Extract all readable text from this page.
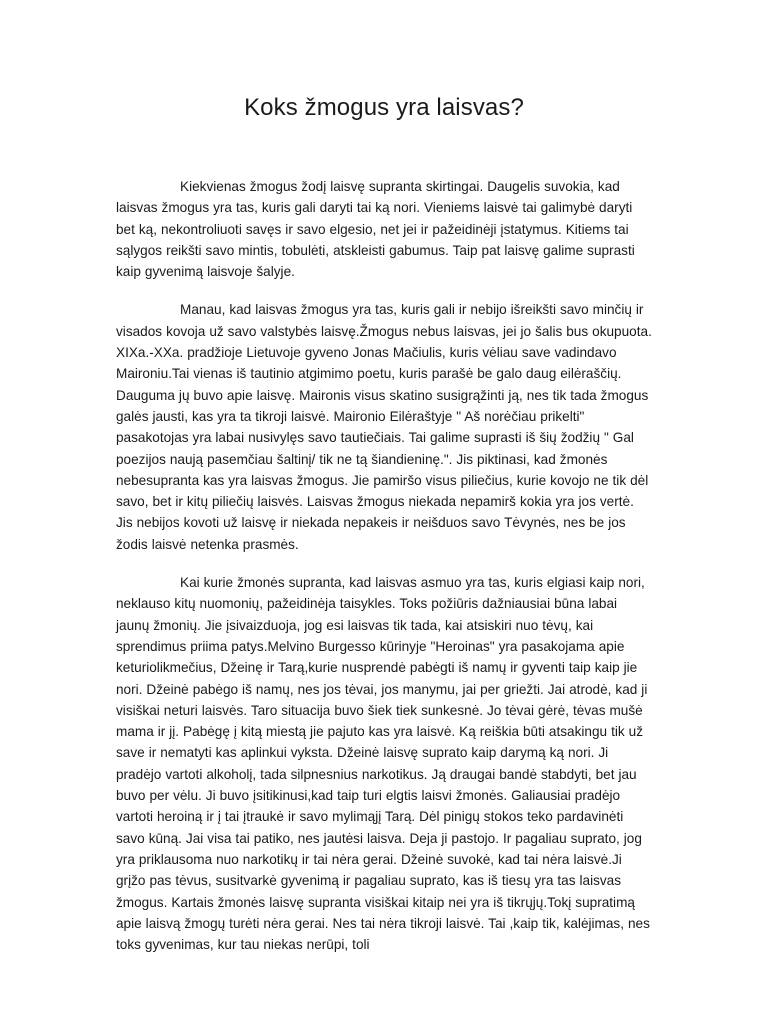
Koks žmogus yra laisvas?

Kiekvienas žmogus žodį laisvę supranta skirtingai. Daugelis suvokia, kad laisvas žmogus yra tas, kuris gali daryti tai ką nori. Vieniems laisvė tai galimybė daryti bet ką, nekontroliuoti savęs ir savo elgesio, net jei ir pažeidinėji įstatymus. Kitiems tai sąlygos reikšti savo mintis, tobulėti, atskleisti gabumus. Taip pat laisvę galime suprasti kaip gyvenimą laisvoje šalyje.

Manau, kad laisvas žmogus yra tas, kuris gali ir nebijo išreikšti savo minčių ir visados kovoja už savo valstybės laisvę.Žmogus nebus laisvas, jei jo šalis bus okupuota. XIXa.-XXa. pradžioje Lietuvoje gyveno Jonas Mačiulis, kuris vėliau save vadindavo Maironiu.Tai vienas iš tautinio atgimimo poetu, kuris parašė be galo daug eilėraščių. Dauguma jų buvo apie laisvę. Maironis visus skatino susigrąžinti ją, nes tik tada žmogus galės jausti, kas yra ta tikroji laisvė. Maironio Eilėraštyje " Aš norėčiau prikelti" pasakotojas yra labai nusivylęs savo tautiečiais. Tai galime suprasti iš šių žodžių " Gal poezijos naują pasemčiau šaltinį/ tik ne tą šiandieninę.". Jis piktinasi, kad žmonės nebesupranta kas yra laisvas žmogus. Jie pamiršo visus piliečius, kurie kovojo ne tik dėl savo, bet ir kitų piliečių laisvės. Laisvas žmogus niekada nepamirš kokia yra jos vertė. Jis nebijos kovoti už laisvę ir niekada nepakeis ir neišduos savo Tėvynės, nes be jos žodis laisvė netenka prasmės.

Kai kurie žmonės supranta, kad laisvas asmuo yra tas, kuris elgiasi kaip nori, neklauso kitų nuomonių, pažeidinėja taisykles. Toks požiūris dažniausiai būna labai jaunų žmonių. Jie įsivaizduoja, jog esi laisvas tik tada, kai atsiskiri nuo tėvų, kai sprendimus priima patys.Melvino Burgesso kūrinyje "Heroinas" yra pasakojama apie keturiolikmečius, Džeinę ir Tarą,kurie nusprendė pabėgti iš namų ir gyventi taip kaip jie nori. Džeinė pabėgo iš namų, nes jos tėvai, jos manymu, jai per griežti. Jai atrodė, kad ji visiškai neturi laisvės. Taro situacija buvo šiek tiek sunkesnė. Jo tėvai gėrė, tėvas mušė mama ir jį. Pabėgę į kitą miestą jie pajuto kas yra laisvė. Ką reiškia būti atsakingu tik už save ir nematyti kas aplinkui vyksta. Džeinė laisvę suprato kaip darymą ką nori. Ji pradėjo vartoti alkoholį, tada silpnesnius narkotikus. Ją draugai bandė stabdyti, bet jau buvo per vėlu. Ji buvo įsitikinusi,kad taip turi elgtis laisvi žmonės. Galiausiai pradėjo vartoti heroiną ir į tai įtraukė ir savo mylimąjį Tarą. Dėl pinigų stokos teko pardavinėti savo kūną. Jai visa tai patiko, nes jautėsi laisva. Deja ji pastojo. Ir pagaliau suprato, jog yra priklausoma nuo narkotikų ir tai nėra gerai. Džeinė suvokė, kad tai nėra laisvė.Ji grįžo pas tėvus, susitvarkė gyvenimą ir pagaliau suprato, kas iš tiesų yra tas laisvas žmogus. Kartais žmonės laisvę supranta visiškai kitaip nei yra iš tikrųjų.Tokį supratimą apie laisvą žmogų turėti nėra gerai. Nes tai nėra tikroji laisvė. Tai ,kaip tik, kalėjimas, nes toks gyvenimas, kur tau niekas nerūpi, toli
